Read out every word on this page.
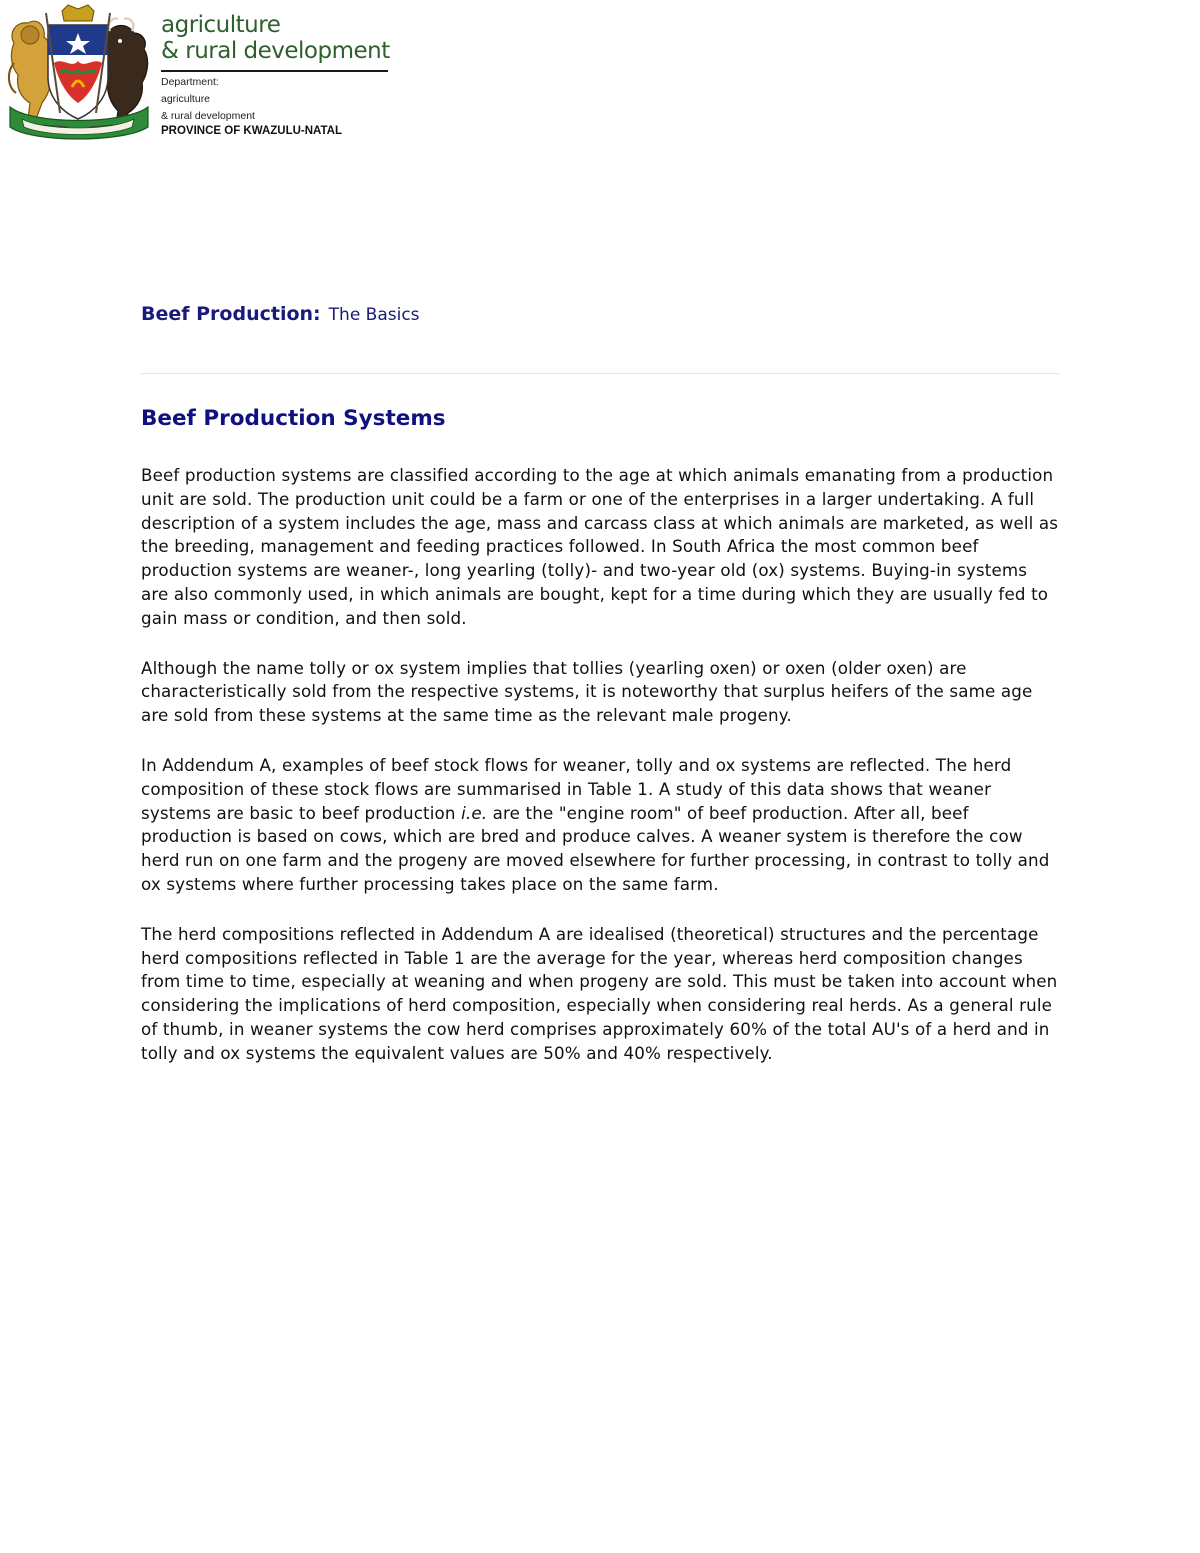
agriculture
& rural development
Department:
agriculture
& rural development
PROVINCE OF KWAZULU-NATAL
Beef Production: The Basics
Beef Production Systems

Beef production systems are classified according to the age at which animals emanating from a production unit are sold. The production unit could be a farm or one of the enterprises in a larger undertaking. A full description of a system includes the age, mass and carcass class at which animals are marketed, as well as the breeding, management and feeding practices followed. In South Africa the most common beef production systems are weaner-, long yearling (tolly)- and two-year old (ox) systems. Buying-in systems are also commonly used, in which animals are bought, kept for a time during which they are usually fed to gain mass or condition, and then sold.

Although the name tolly or ox system implies that tollies (yearling oxen) or oxen (older oxen) are characteristically sold from the respective systems, it is noteworthy that surplus heifers of the same age are sold from these systems at the same time as the relevant male progeny.

In Addendum A, examples of beef stock flows for weaner, tolly and ox systems are reflected. The herd composition of these stock flows are summarised in Table 1. A study of this data shows that weaner systems are basic to beef production i.e. are the "engine room" of beef production. After all, beef production is based on cows, which are bred and produce calves. A weaner system is therefore the cow herd run on one farm and the progeny are moved elsewhere for further processing, in contrast to tolly and ox systems where further processing takes place on the same farm.

The herd compositions reflected in Addendum A are idealised (theoretical) structures and the percentage herd compositions reflected in Table 1 are the average for the year, whereas herd composition changes from time to time, especially at weaning and when progeny are sold. This must be taken into account when considering the implications of herd composition, especially when considering real herds. As a general rule of thumb, in weaner systems the cow herd comprises approximately 60% of the total AU's of a herd and in tolly and ox systems the equivalent values are 50% and 40% respectively.
